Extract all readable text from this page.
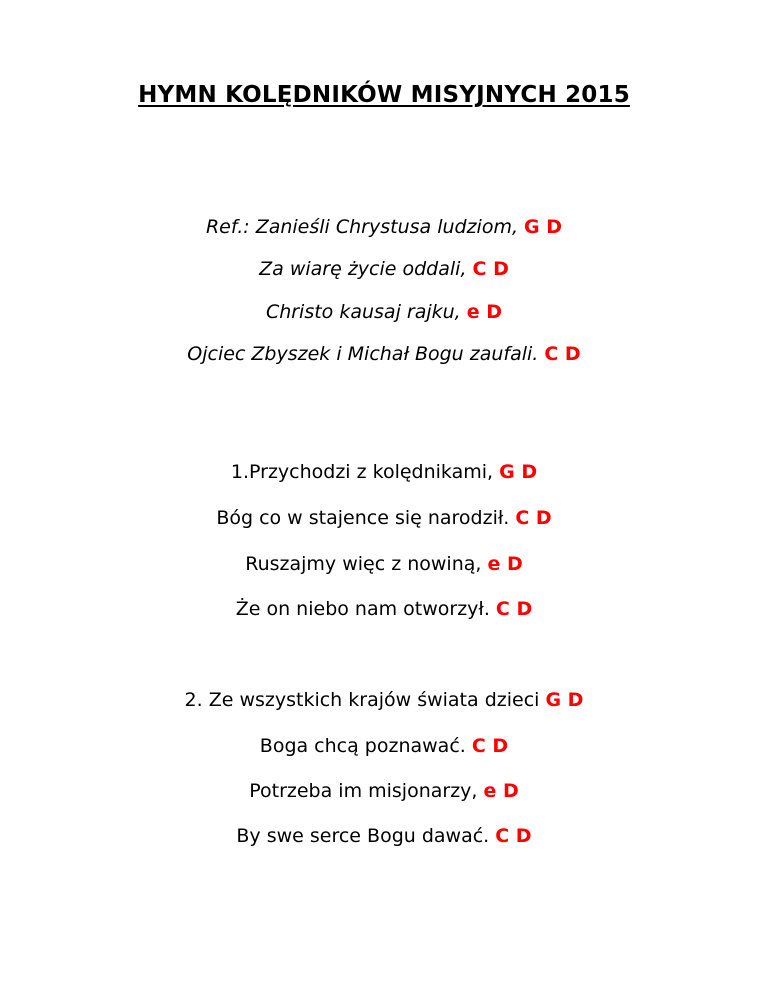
HYMN KOLĘDNIKÓW MISYJNYCH 2015
Ref.: Zanieśli Chrystusa ludziom, G D
Za wiarę życie oddali, C D
Christo kausaj rajku, e D
Ojciec Zbyszek i Michał Bogu zaufali. C D
1.Przychodzi z kolędnikami, G D
Bóg co w stajence się narodził. C D
Ruszajmy więc z nowiną, e D
Że on niebo nam otworzył. C D
2. Ze wszystkich krajów świata dzieci G D
Boga chcą poznawać. C D
Potrzeba im misjonarzy, e D
By swe serce Bogu dawać. C D
